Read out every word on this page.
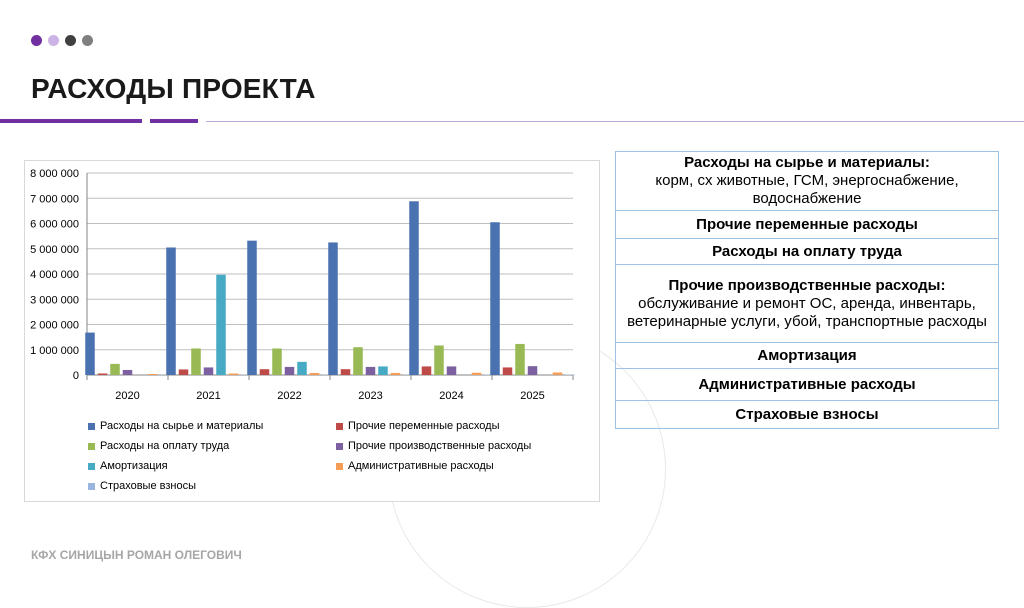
РАСХОДЫ ПРОЕКТА
0
1 000 000
2 000 000
3 000 000
4 000 000
5 000 000
6 000 000
7 000 000
8 000 000
2020	2021	2022	2023	2024	2025
Расходы на сырье и материалы	Прочие переменные расходы
Расходы на оплату труда	Прочие производственные расходы
Амортизация	Административные расходы
Страховые взносы
Расходы на сырье и материалы:
корм, сх животные, ГСМ, энергоснабжение, водоснабжение

Прочие переменные расходы

Расходы на оплату труда

Прочие производственные расходы:
обслуживание и ремонт ОС, аренда, инвентарь, ветеринарные услуги, убой, транспортные расходы

Амортизация

Административные расходы

Страховые взносы
КФХ СИНИЦЫН РОМАН ОЛЕГОВИЧ
